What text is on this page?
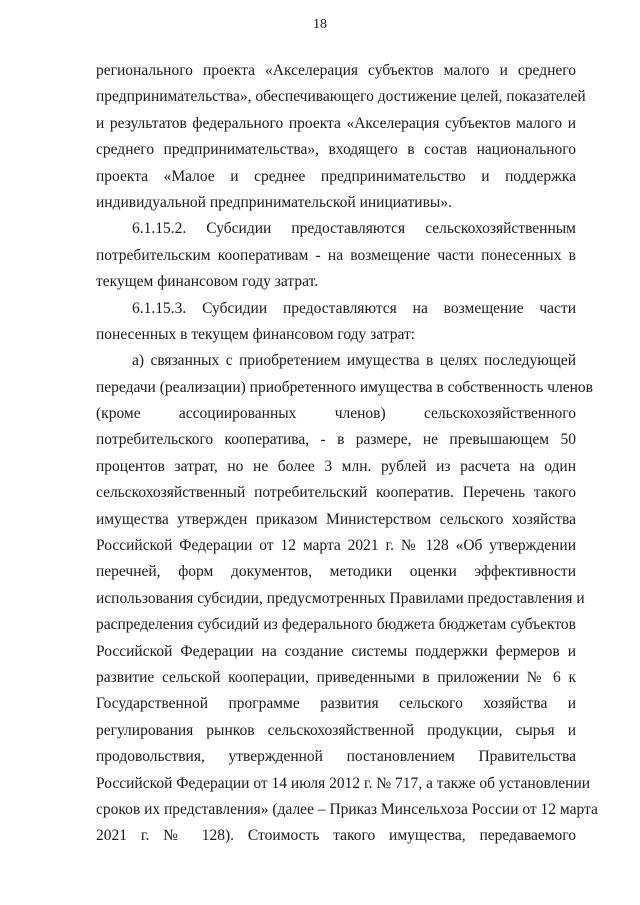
18
регионального проекта «Акселерация субъектов малого и среднего
предпринимательства», обеспечивающего достижение целей, показателей
и результатов федерального проекта «Акселерация субъектов малого и
среднего предпринимательства», входящего в состав национального
проекта «Малое и среднее предпринимательство и поддержка
индивидуальной предпринимательской инициативы».
6.1.15.2. Субсидии предоставляются сельскохозяйственным
потребительским кооперативам - на возмещение части понесенных в
текущем финансовом году затрат.
6.1.15.3. Субсидии предоставляются на возмещение части
понесенных в текущем финансовом году затрат:
а) связанных с приобретением имущества в целях последующей
передачи (реализации) приобретенного имущества в собственность членов
(кроме ассоциированных членов) сельскохозяйственного
потребительского кооператива, - в размере, не превышающем 50
процентов затрат, но не более 3 млн. рублей из расчета на один
сельскохозяйственный потребительский кооператив. Перечень такого
имущества утвержден приказом Министерством сельского хозяйства
Российской Федерации от 12 марта 2021 г. № 128 «Об утверждении
перечней, форм документов, методики оценки эффективности
использования субсидии, предусмотренных Правилами предоставления и
распределения субсидий из федерального бюджета бюджетам субъектов
Российской Федерации на создание системы поддержки фермеров и
развитие сельской кооперации, приведенными в приложении № 6 к
Государственной программе развития сельского хозяйства и
регулирования рынков сельскохозяйственной продукции, сырья и
продовольствия, утвержденной постановлением Правительства
Российской Федерации от 14 июля 2012 г. № 717, а также об установлении
сроков их представления» (далее – Приказ Минсельхоза России от 12 марта
2021 г. № 128). Стоимость такого имущества, передаваемого
